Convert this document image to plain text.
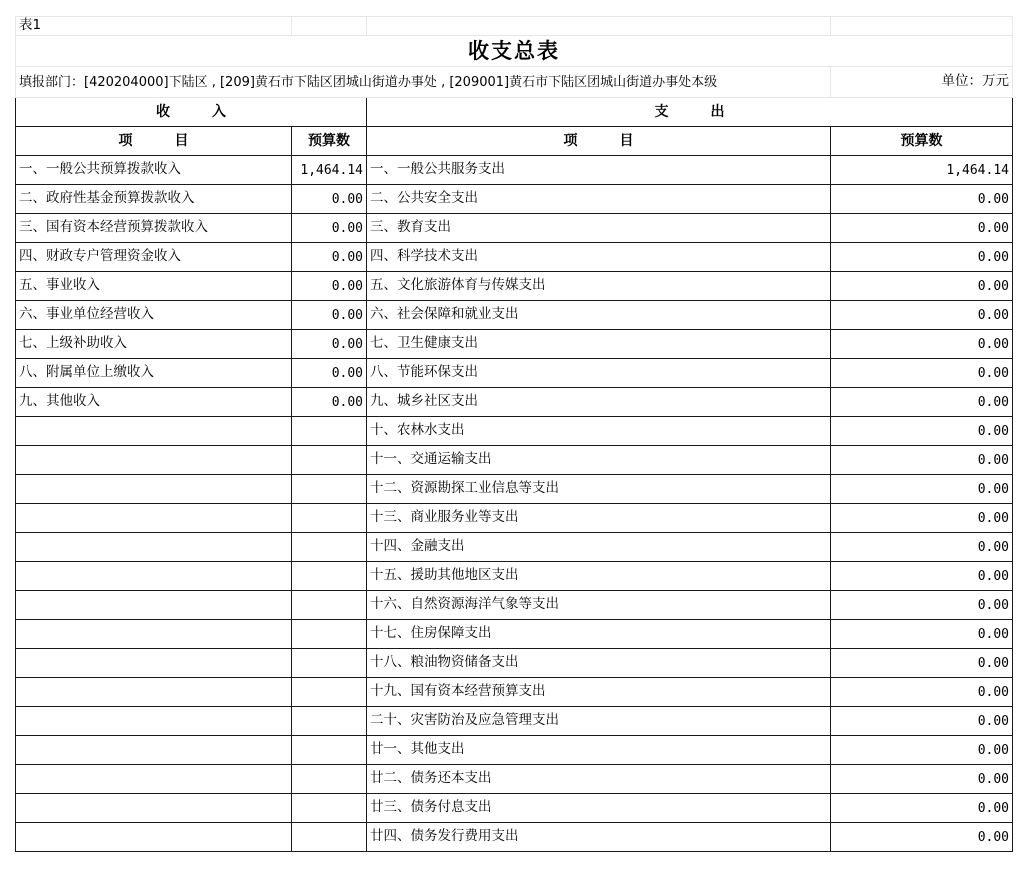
表1			
收支总表			
填报部门：[420204000]下陆区 , [209]黄石市下陆区团城山街道办事处 , [209001]黄石市下陆区团城山街道办事处本级			单位：万元
收　　　入		支　　　出	
项　　　目	预算数	项　　　目	预算数
一、一般公共预算拨款收入	1,464.14	一、一般公共服务支出	1,464.14
二、政府性基金预算拨款收入	0.00	二、公共安全支出	0.00
三、国有资本经营预算拨款收入	0.00	三、教育支出	0.00
四、财政专户管理资金收入	0.00	四、科学技术支出	0.00
五、事业收入	0.00	五、文化旅游体育与传媒支出	0.00
六、事业单位经营收入	0.00	六、社会保障和就业支出	0.00
七、上级补助收入	0.00	七、卫生健康支出	0.00
八、附属单位上缴收入	0.00	八、节能环保支出	0.00
九、其他收入	0.00	九、城乡社区支出	0.00
		十、农林水支出	0.00
		十一、交通运输支出	0.00
		十二、资源勘探工业信息等支出	0.00
		十三、商业服务业等支出	0.00
		十四、金融支出	0.00
		十五、援助其他地区支出	0.00
		十六、自然资源海洋气象等支出	0.00
		十七、住房保障支出	0.00
		十八、粮油物资储备支出	0.00
		十九、国有资本经营预算支出	0.00
		二十、灾害防治及应急管理支出	0.00
		廿一、其他支出	0.00
		廿二、债务还本支出	0.00
		廿三、债务付息支出	0.00
		廿四、债务发行费用支出	0.00
